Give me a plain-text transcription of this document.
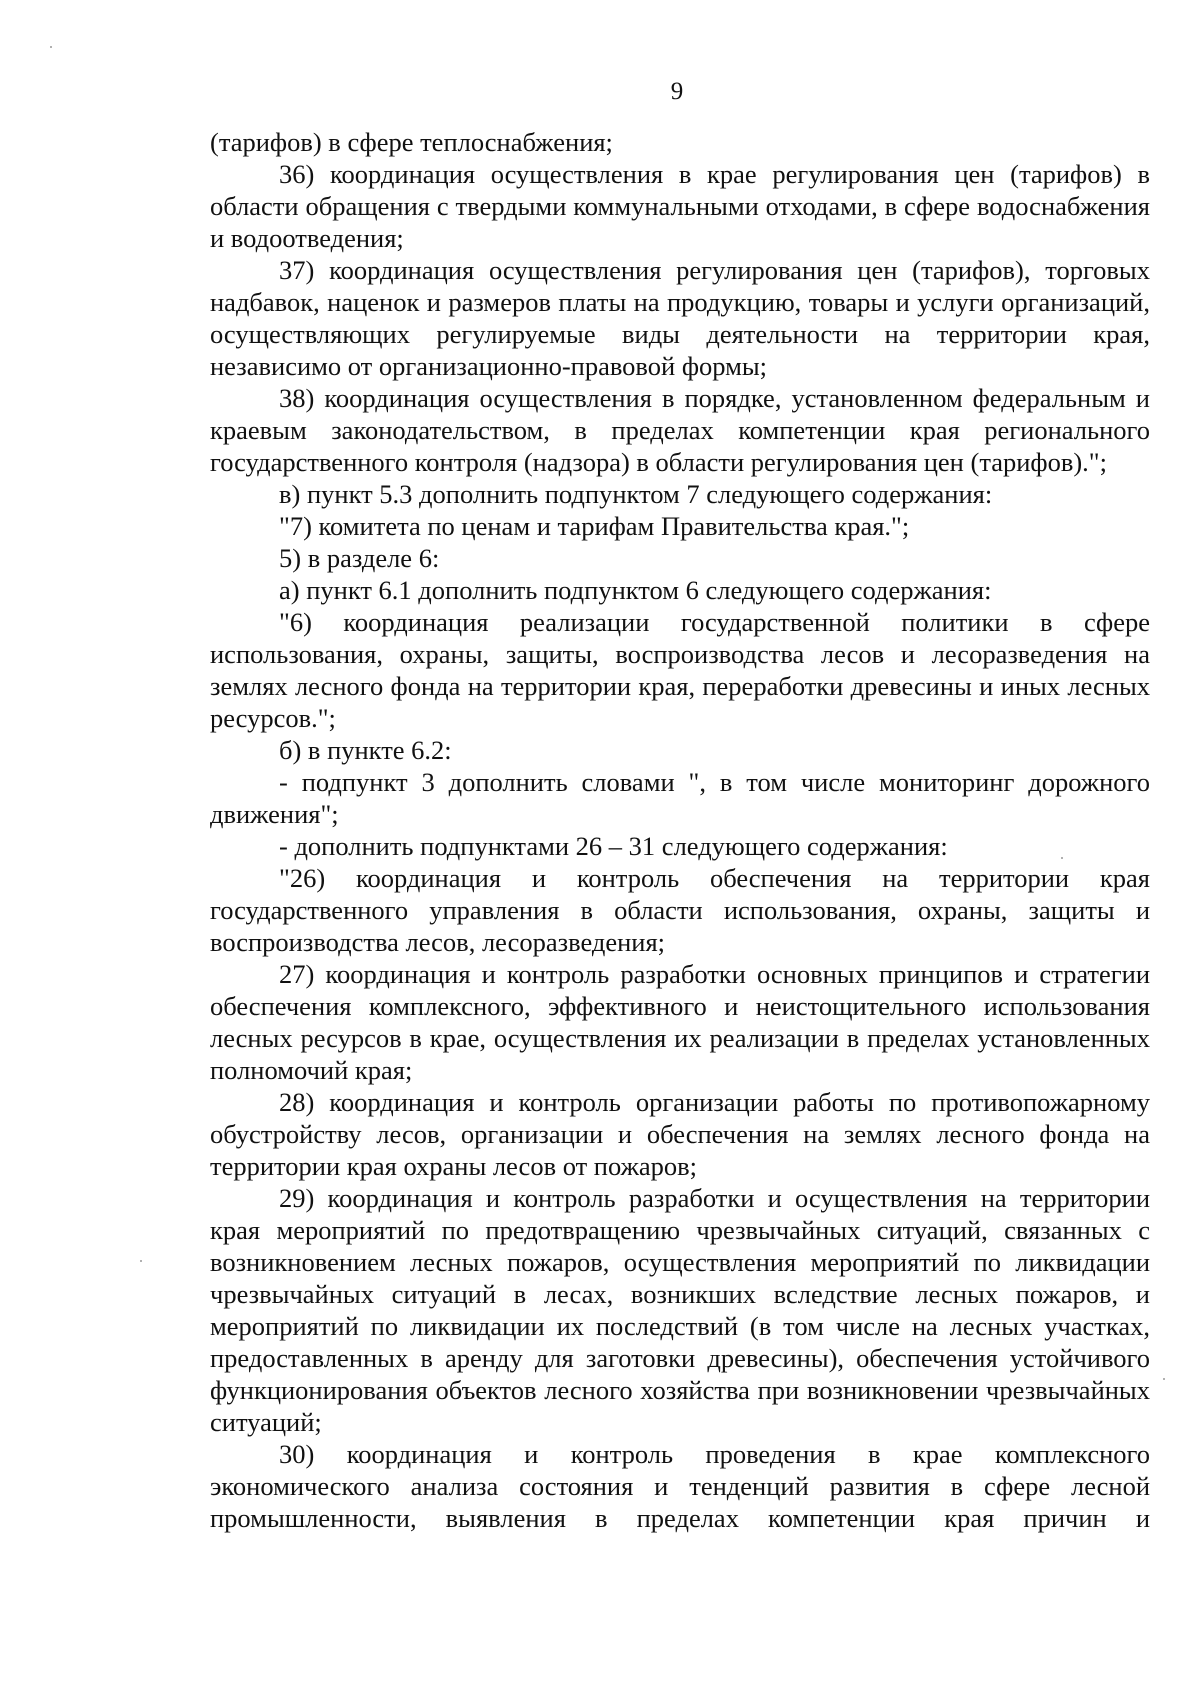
9

(тарифов) в сфере теплоснабжения;

36) координация осуществления в крае регулирования цен (тарифов) в области обращения с твердыми коммунальными отходами, в сфере водоснабжения и водоотведения;

37) координация осуществления регулирования цен (тарифов), торговых надбавок, наценок и размеров платы на продукцию, товары и услуги организаций, осуществляющих регулируемые виды деятельности на территории края, независимо от организационно-правовой формы;

38) координация осуществления в порядке, установленном федеральным и краевым законодательством, в пределах компетенции края регионального государственного контроля (надзора) в области регулирования цен (тарифов).";

в) пункт 5.3 дополнить подпунктом 7 следующего содержания:

"7) комитета по ценам и тарифам Правительства края.";

5) в разделе 6:

а) пункт 6.1 дополнить подпунктом 6 следующего содержания:

"6) координация реализации государственной политики в сфере использования, охраны, защиты, воспроизводства лесов и лесоразведения на землях лесного фонда на территории края, переработки древесины и иных лесных ресурсов.";

б) в пункте 6.2:

- подпункт 3 дополнить словами ", в том числе мониторинг дорожного движения";

- дополнить подпунктами 26 – 31 следующего содержания:

"26) координация и контроль обеспечения на территории края государственного управления в области использования, охраны, защиты и воспроизводства лесов, лесоразведения;

27) координация и контроль разработки основных принципов и стратегии обеспечения комплексного, эффективного и неистощительного использования лесных ресурсов в крае, осуществления их реализации в пределах установленных полномочий края;

28) координация и контроль организации работы по противопожарному обустройству лесов, организации и обеспечения на землях лесного фонда на территории края охраны лесов от пожаров;

29) координация и контроль разработки и осуществления на территории края мероприятий по предотвращению чрезвычайных ситуаций, связанных с возникновением лесных пожаров, осуществления мероприятий по ликвидации чрезвычайных ситуаций в лесах, возникших вследствие лесных пожаров, и мероприятий по ликвидации их последствий (в том числе на лесных участках, предоставленных в аренду для заготовки древесины), обеспечения устойчивого функционирования объектов лесного хозяйства при возникновении чрезвычайных ситуаций;

30) координация и контроль проведения в крае комплексного экономического анализа состояния и тенденций развития в сфере лесной промышленности, выявления в пределах компетенции края причин и
